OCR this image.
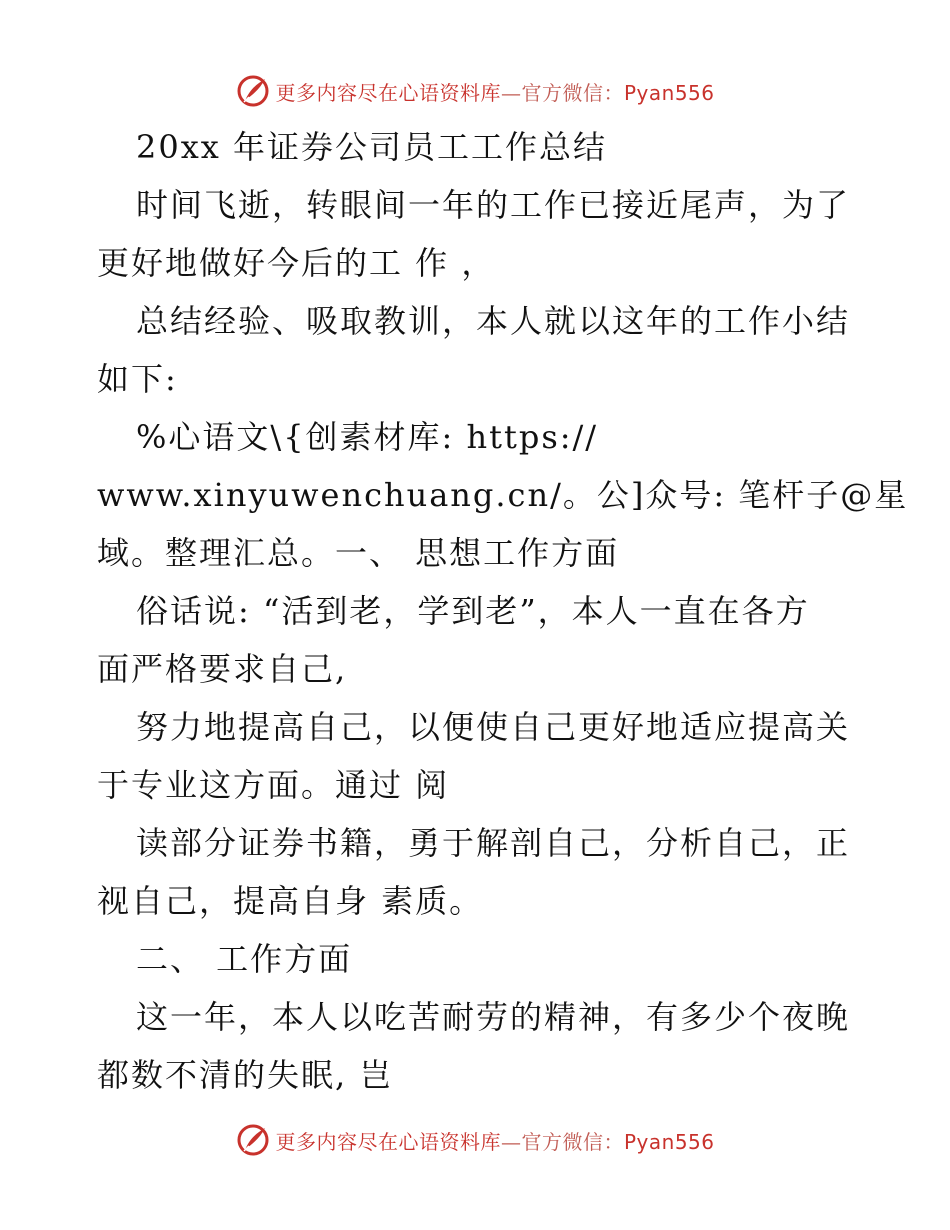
更多内容尽在心语资料库—官方微信：Pyan556
20xx 年证券公司员工工作总结
时间飞逝，转眼间一年的工作已接近尾声，为了
更好地做好今后的工 作 ，
总结经验、吸取教训，本人就以这年的工作小结
如下:
%心语文\{创素材库: https://
www.xinyuwenchuang.cn/。公]众号: 笔杆子@星
域。整理汇总。一、 思想工作方面
俗话说: “活到老，学到老”，本人一直在各方
面严格要求自己,
努力地提高自己，以便使自己更好地适应提高关
于专业这方面。通过 阅
读部分证券书籍，勇于解剖自己，分析自己，正
视自己，提高自身 素质。
二、 工作方面
这一年，本人以吃苦耐劳的精神，有多少个夜晚
都数不清的失眠, 岂
更多内容尽在心语资料库—官方微信：Pyan556
